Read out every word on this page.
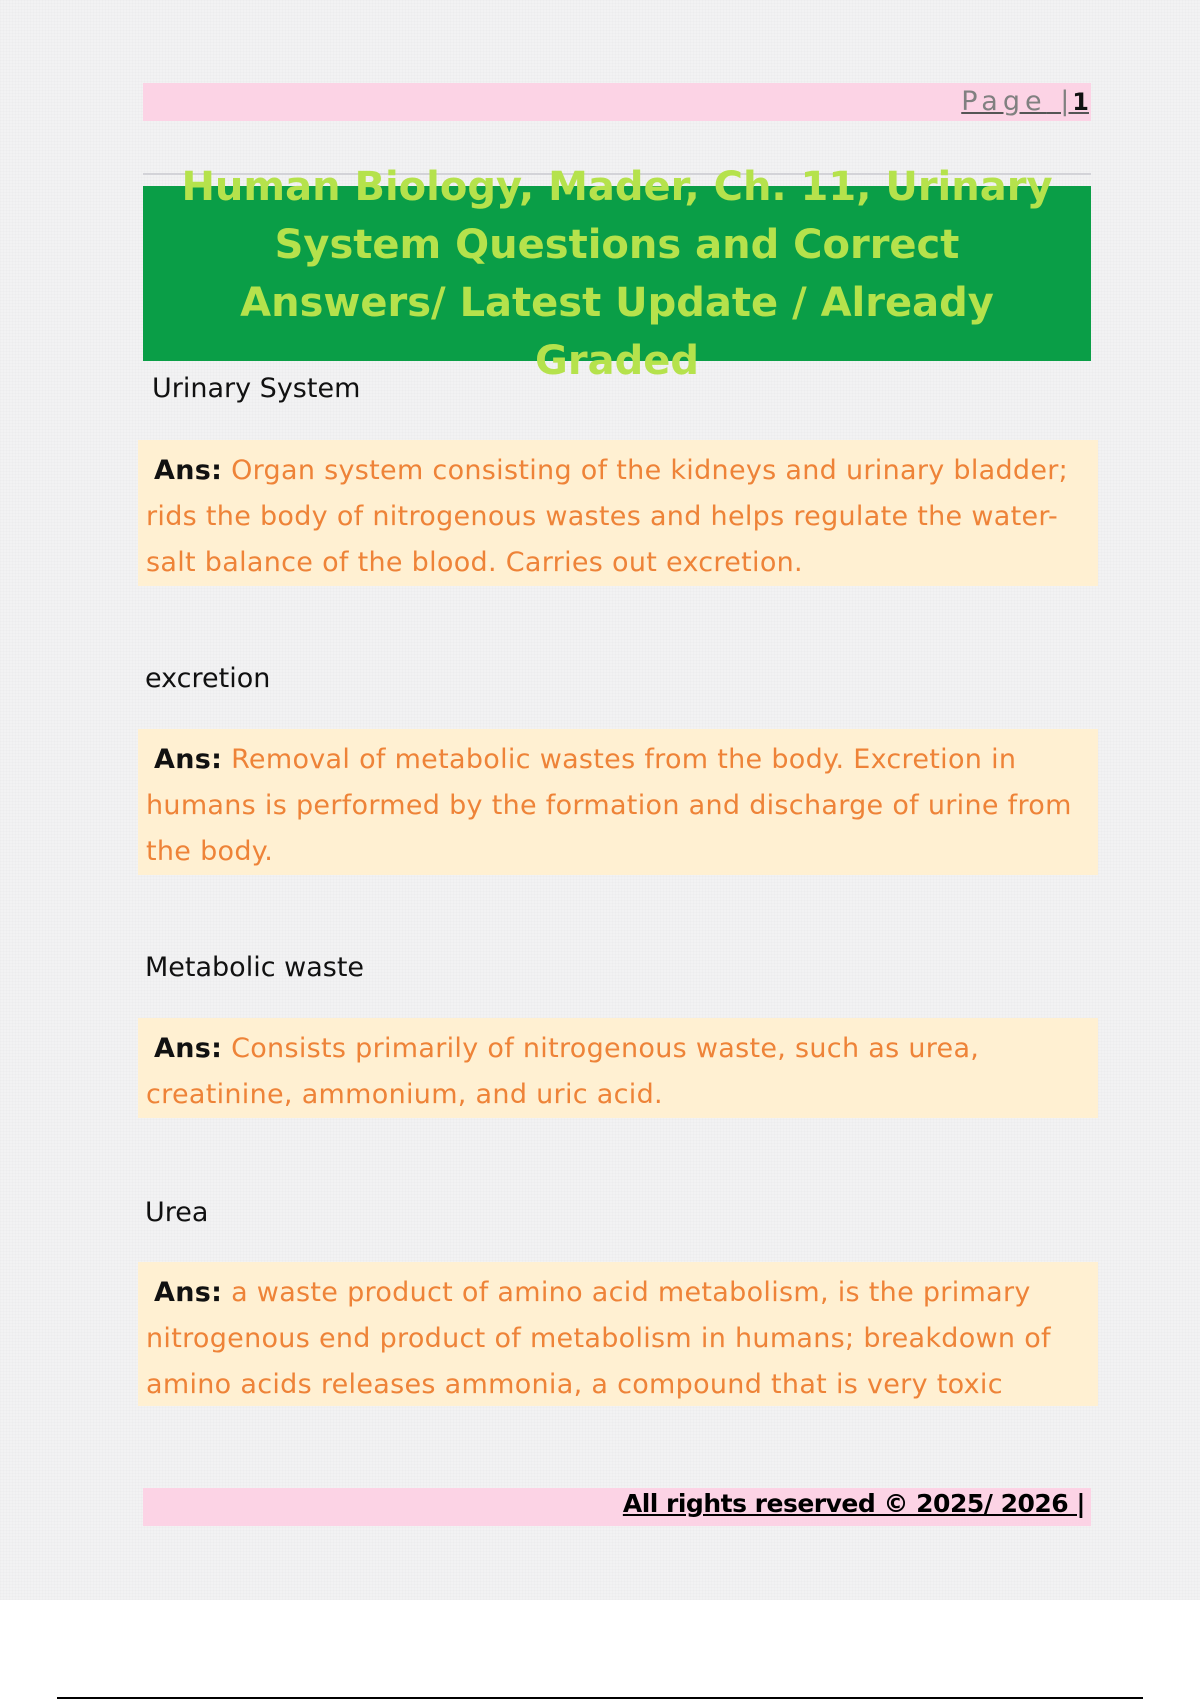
Page |1
Human Biology, Mader, Ch. 11, Urinary System Questions and Correct Answers/ Latest Update / Already Graded
Urinary System

Ans: Organ system consisting of the kidneys and urinary bladder; rids the body of nitrogenous wastes and helps regulate the water-salt balance of the blood. Carries out excretion.

excretion

Ans: Removal of metabolic wastes from the body. Excretion in humans is performed by the formation and discharge of urine from the body.

Metabolic waste

Ans: Consists primarily of nitrogenous waste, such as urea, creatinine, ammonium, and uric acid.

Urea

Ans: a waste product of amino acid metabolism, is the primary nitrogenous end product of metabolism in humans; breakdown of amino acids releases ammonia, a compound that is very toxic

All rights reserved © 2025/ 2026 |
